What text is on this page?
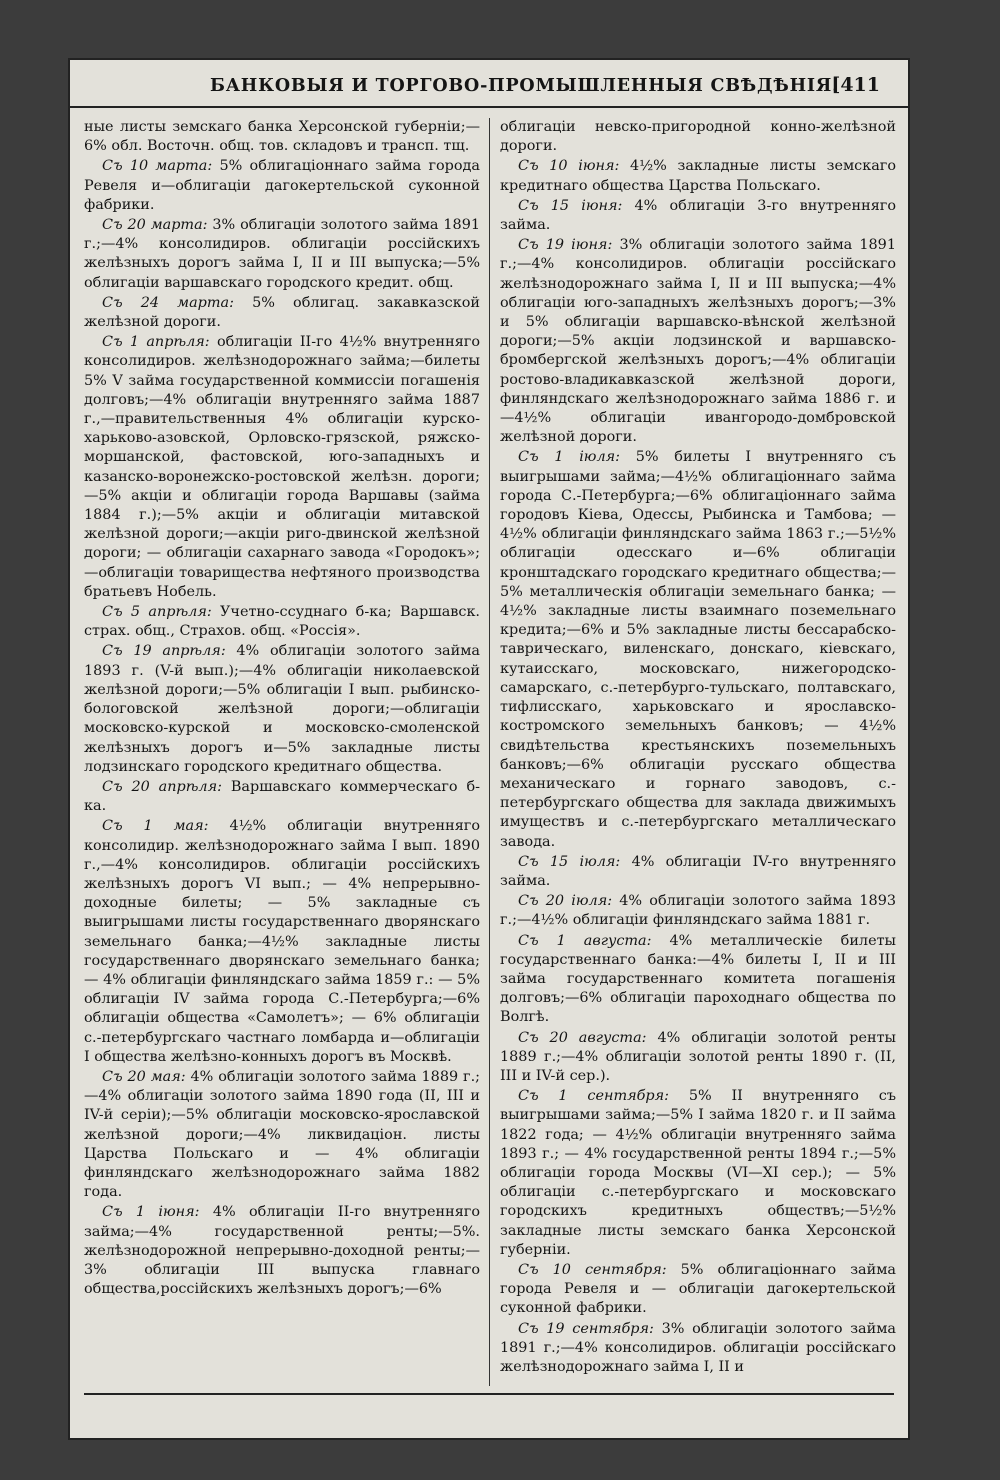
БАНКОВЫЯ И ТОРГОВО-ПРОМЫШЛЕННЫЯ СВѢДѢНІЯ.
[411

ные листы земскаго банка Херсонской губерніи;—6% обл. Восточн. общ. тов. складовъ и трансп. тщ.

Съ 10 марта: 5% облигаціоннаго займа города Ревеля и—облигаціи дагокертельской суконной фабрики.

Съ 20 марта: 3% облигаціи золотого займа 1891 г.;—4% консолидиров. облигаціи россійскихъ желѣзныхъ дорогъ займа I, II и III выпуска;—5% облигаціи варшавскаго городского кредит. общ.

Съ 24 марта: 5% облигац. закавказской желѣзной дороги.

Съ 1 апрѣля: облигаціи II-го 4½% внутренняго консолидиров. желѣзнодорожнаго займа;—билеты 5% V займа государственной коммиссіи погашенія долговъ;—4% облигаціи внутренняго займа 1887 г.,—правительственныя 4% облигаціи курско-харьково-азовской, Орловско-грязской, ряжско-моршанской, фастовской, юго-западныхъ и казанско-воронежско-ростовской желѣзн. дороги;—5% акціи и облигаціи города Варшавы (займа 1884 г.);—5% акціи и облигаціи митавской желѣзной дороги;—акціи риго-двинской желѣзной дороги; — облигаціи сахарнаго завода «Городокъ»;—облигаціи товарищества нефтяного производства братьевъ Нобель.

Съ 5 апрѣля: Учетно-ссуднаго б-ка; Варшавск. страх. общ., Страхов. общ. «Россія».

Съ 19 апрѣля: 4% облигаціи золотого займа 1893 г. (V-й вып.);—4% облигаціи николаевской желѣзной дороги;—5% облигаціи I вып. рыбинско-бологовской желѣзной дороги;—облигаціи московско-курской и московско-смоленской желѣзныхъ дорогъ и—5% закладные листы лодзинскаго городского кредитнаго общества.

Съ 20 апрѣля: Варшавскаго коммерческаго б-ка.

Съ 1 мая: 4½% облигаціи внутренняго консолидир. желѣзнодорожнаго займа I вып. 1890 г.,—4% консолидиров. облигаціи россійскихъ желѣзныхъ дорогъ VI вып.; — 4% непрерывно-доходные билеты; — 5% закладные съ выигрышами листы государственнаго дворянскаго земельнаго банка;—4½% закладные листы государственнаго дворянскаго земельнаго банка; — 4% облигаціи финляндскаго займа 1859 г.: — 5% облигаціи IV займа города С.-Петербурга;—6% облигаціи общества «Самолетъ»; — 6% облигаціи с.-петербургскаго частнаго ломбарда и—облигаціи I общества желѣзно-конныхъ дорогъ въ Москвѣ.

Съ 20 мая: 4% облигаціи золотого займа 1889 г.;—4% облигаціи золотого займа 1890 года (II, III и IV-й серіи);—5% облигаціи московско-ярославской желѣзной дороги;—4% ликвидаціон. листы Царства Польскаго и — 4% облигаціи финляндскаго желѣзнодорожнаго займа 1882 года.

Съ 1 іюня: 4% облигаціи II-го внутренняго займа;—4% государственной ренты;—5%. желѣзнодорожной непрерывно-доходной ренты;—3% облигаціи III выпуска главнаго общества,россійскихъ желѣзныхъ дорогъ;—6%

облигаціи невско-пригородной конно-желѣзной дороги.

Съ 10 іюня: 4½% закладные листы земскаго кредитнаго общества Царства Польскаго.

Съ 15 іюня: 4% облигаціи 3-го внутренняго займа.

Съ 19 іюня: 3% облигаціи золотого займа 1891 г.;—4% консолидиров. облигаціи россійскаго желѣзнодорожнаго займа I, II и III выпуска;—4% облигаціи юго-западныхъ желѣзныхъ дорогъ;—3% и 5% облигаціи варшавско-вѣнской желѣзной дороги;—5% акціи лодзинской и варшавско-бромбергской желѣзныхъ дорогъ;—4% облигаціи ростово-владикавказской желѣзной дороги, финляндскаго желѣзнодорожнаго займа 1886 г. и—4½% облигаціи ивангородо-домбровской желѣзной дороги.

Съ 1 іюля: 5% билеты I внутренняго съ выигрышами займа;—4½% облигаціоннаго займа города С.-Петербурга;—6% облигаціоннаго займа городовъ Кіева, Одессы, Рыбинска и Тамбова; — 4½% облигаціи финляндскаго займа 1863 г.;—5½% облигаціи одесскаго и—6% облигаціи кронштадскаго городскаго кредитнаго общества;—5% металлическія облигаціи земельнаго банка; — 4½% закладные листы взаимнаго поземельнаго кредита;—6% и 5% закладные листы бессарабско-таврическаго, виленскаго, донскаго, кіевскаго, кутаисскаго, московскаго, нижегородско-самарскаго, с.-петербурго-тульскаго, полтавскаго, тифлисскаго, харьковскаго и ярославско-костромского земельныхъ банковъ; — 4½% свидѣтельства крестьянскихъ поземельныхъ банковъ;—6% облигаціи русскаго общества механическаго и горнаго заводовъ, с.-петербургскаго общества для заклада движимыхъ имуществъ и с.-петербургскаго металлическаго завода.

Съ 15 іюля: 4% облигаціи IV-го внутренняго займа.

Съ 20 іюля: 4% облигаціи золотого займа 1893 г.;—4½% облигаціи финляндскаго займа 1881 г.

Съ 1 августа: 4% металлическіе билеты государственнаго банка:—4% билеты I, II и III займа государственнаго комитета погашенія долговъ;—6% облигаціи пароходнаго общества по Волгѣ.

Съ 20 августа: 4% облигаціи золотой ренты 1889 г.;—4% облигаціи золотой ренты 1890 г. (II, III и IV-й сер.).

Съ 1 сентября: 5% II внутренняго съ выигрышами займа;—5% I займа 1820 г. и II займа 1822 года; — 4½% облигаціи внутренняго займа 1893 г.; — 4% государственной ренты 1894 г.;—5% облигаціи города Москвы (VI—XI сер.); — 5% облигаціи с.-петербургскаго и московскаго городскихъ кредитныхъ обществъ;—5½% закладные листы земскаго банка Херсонской губерніи.

Съ 10 сентября: 5% облигаціоннаго займа города Ревеля и — облигаціи дагокертельской суконной фабрики.

Съ 19 сентября: 3% облигаціи золотого займа 1891 г.;—4% консолидиров. облигаціи россійскаго желѣзнодорожнаго займа I, II и
